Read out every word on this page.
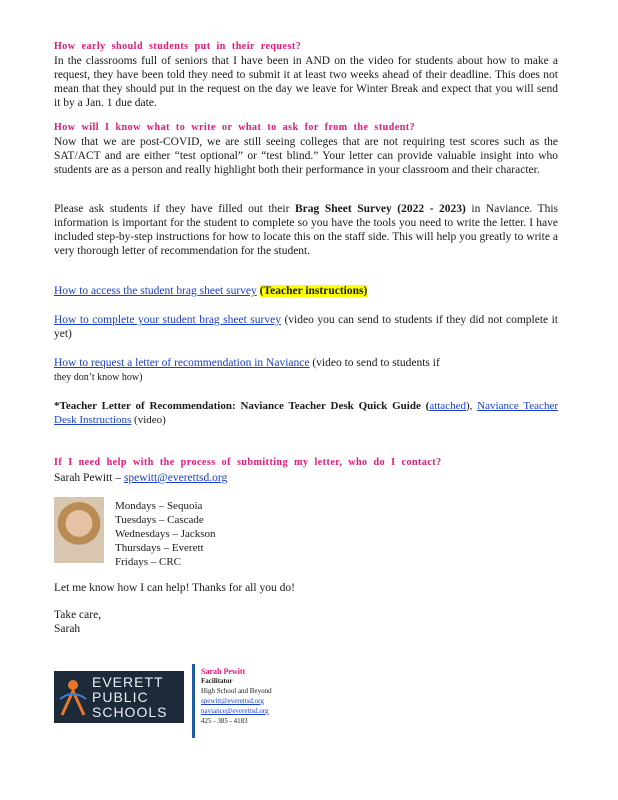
How early should students put in their request?
In the classrooms full of seniors that I have been in AND on the video for students about how to make a request, they have been told they need to submit it at least two weeks ahead of their deadline. This does not mean that they should put in the request on the day we leave for Winter Break and expect that you will send it by a Jan. 1 due date.
How will I know what to write or what to ask for from the student?
Now that we are post-COVID, we are still seeing colleges that are not requiring test scores such as the SAT/ACT and are either “test optional” or “test blind.” Your letter can provide valuable insight into who students are as a person and really highlight both their performance in your classroom and their character.
Please ask students if they have filled out their Brag Sheet Survey (2022 - 2023) in Naviance. This information is important for the student to complete so you have the tools you need to write the letter. I have included step-by-step instructions for how to locate this on the staff side. This will help you greatly to write a very thorough letter of recommendation for the student.
How to access the student brag sheet survey (Teacher instructions)
How to complete your student brag sheet survey (video you can send to students if they did not complete it yet)
How to request a letter of recommendation in Naviance (video to send to students if
they don’t know how)
*Teacher Letter of Recommendation: Naviance Teacher Desk Quick Guide (attached), Naviance Teacher Desk Instructions (video)
If I need help with the process of submitting my letter, who do I contact?
Sarah Pewitt – spewitt@everettsd.org
Mondays – Sequoia
Tuesdays – Cascade
Wednesdays – Jackson
Thursdays – Everett
Fridays – CRC
Let me know how I can help! Thanks for all you do!
Take care,
Sarah
EVERETT
PUBLIC
SCHOOLS
Sarah Pewitt
Facilitator
High School and Beyond
spewitt@everettsd.org
naviance@everettsd.org
425 - 385 - 4183
